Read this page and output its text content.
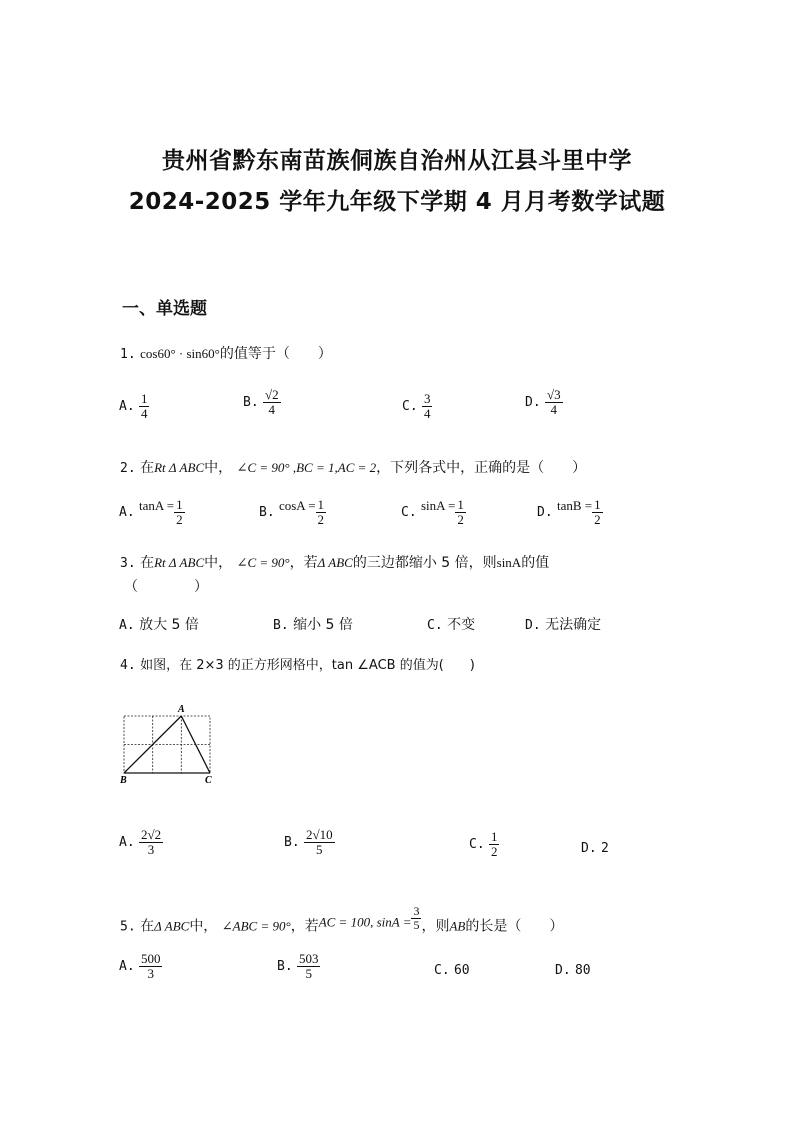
贵州省黔东南苗族侗族自治州从江县斗里中学
2024-2025 学年九年级下学期 4 月月考数学试题
一、单选题
1. cos60° · sin60°的值等于（　　）
A. $\frac{1}{4}$	B. $\frac{√2}{4}$	C. $\frac{3}{4}$	D. $\frac{√3}{4}$
2. 在Rt Δ ABC中， ∠C = 90° ,BC = 1,AC = 2，下列各式中，正确的是（　　）
A. $\tan A = \frac{1}{2}$	B. $\cos A = \frac{1}{2}$	C. $\sin A = \frac{1}{2}$	D. $\tan B = \frac{1}{2}$
3. 在Rt Δ ABC中， ∠C = 90°，若Δ ABC的三边都缩小 5 倍，则sinA的值
（　　　　）
A. 放大 5 倍	B. 缩小 5 倍	C. 不变	D. 无法确定
4. 如图，在 2×3 的正方形网格中，tan ∠ACB 的值为(　　)
A
B	C
A. $\frac{2√2}{3}$	B. $\frac{2√10}{5}$	C. $\frac{1}{2}$	D. 2
5. 在Δ ABC中， ∠ABC = 90°，若AC = 100, $\sin A = \frac{3}{5}$ ，则AB的长是（　　）
A. $\frac{500}{3}$	B. $\frac{503}{5}$	C. 60	D. 80
